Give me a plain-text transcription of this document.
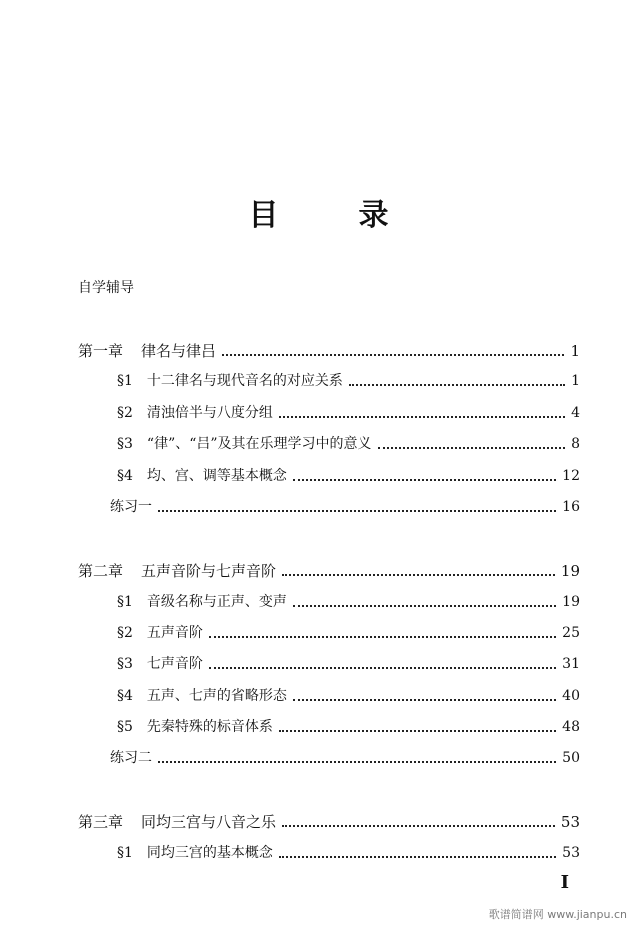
目	录
自学辅导
第一章 律名与律吕	1
§1 十二律名与现代音名的对应关系	1
§2 清浊倍半与八度分组	4
§3 “律”、“吕”及其在乐理学习中的意义	8
§4 均、宫、调等基本概念	12
练习一	16
第二章 五声音阶与七声音阶	19
§1 音级名称与正声、变声	19
§2 五声音阶	25
§3 七声音阶	31
§4 五声、七声的省略形态	40
§5 先秦特殊的标音体系	48
练习二	50
第三章 同均三宫与八音之乐	53
§1 同均三宫的基本概念	53
I
歌谱简谱网 www.jianpu.cn
